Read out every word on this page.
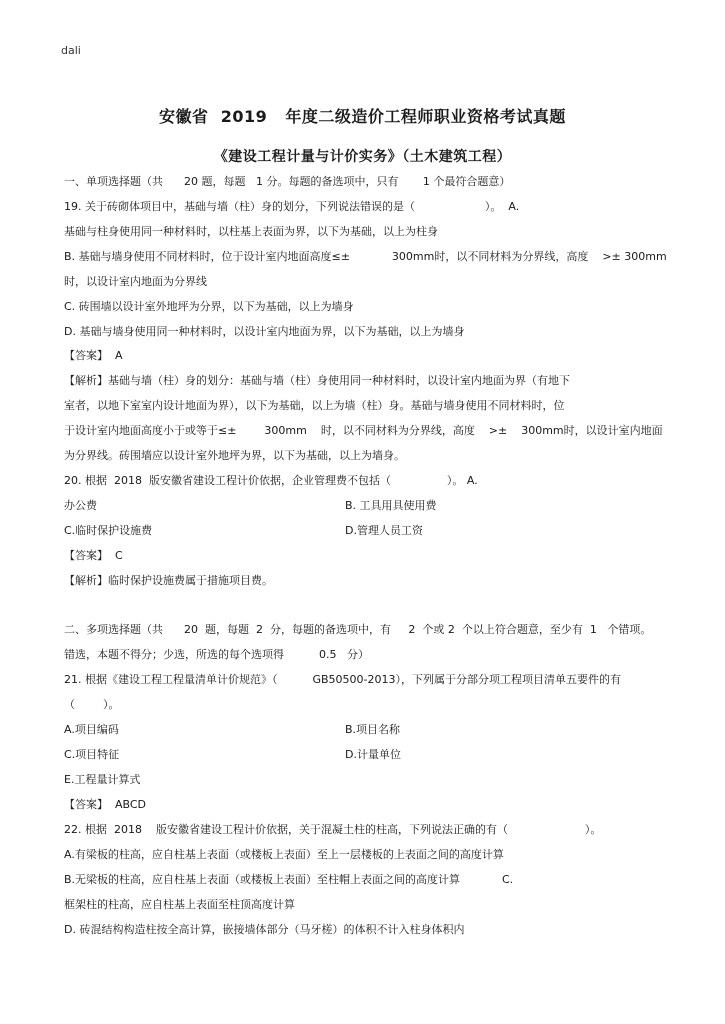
dali
安徽省  2019   年度二级造价工程师职业资格考试真题
《建设工程计量与计价实务》（土木建筑工程）
一、单项选择题（共      20 题，每题   1 分。每题的备选项中，只有       1 个最符合题意）
19. 关于砖砌体项目中，基础与墙（柱）身的划分，下列说法错误的是（                    ）。  A.
基础与柱身使用同一种材料时，以柱基上表面为界，以下为基础，以上为柱身
B. 基础与墙身使用不同材料时，位于设计室内地面高度≤±            300mm时，以不同材料为分界线，高度    >± 300mm
时，以设计室内地面为分界线
C. 砖围墙以设计室外地坪为分界，以下为基础，以上为墙身
D. 基础与墙身使用同一种材料时，以设计室内地面为界，以下为基础，以上为墙身
【答案】  A
【解析】基础与墙（柱）身的划分：基础与墙（柱）身使用同一种材料时，以设计室内地面为界（有地下
室者，以地下室室内设计地面为界），以下为基础，以上为墙（柱）身。基础与墙身使用不同材料时，位
于设计室内地面高度小于或等于≤±        300mm    时，以不同材料为分界线，高度    >±    300mm时，以设计室内地面
为分界线。砖围墙应以设计室外地坪为界，以下为基础，以上为墙身。
20. 根据  2018  版安徽省建设工程计价依据，企业管理费不包括（                ）。 A.
办公费	B. 工具用具使用费
C.临时保护设施费	D.管理人员工资
【答案】  C
【解析】临时保护设施费属于措施项目费。
二、多项选择题（共      20  题，每题  2  分，每题的备选项中，有     2  个或 2  个以上符合题意，至少有  1   个错项。
错选，本题不得分；少选，所选的每个选项得          0.5   分）
21. 根据《建设工程工程量清单计价规范》（          GB50500-2013），下列属于分部分项工程项目清单五要件的有
（        ）。
A.项目编码	B.项目名称
C.项目特征	D.计量单位
E.工程量计算式
【答案】  ABCD
22. 根据  2018    版安徽省建设工程计价依据，关于混凝土柱的柱高，下列说法正确的有（                      ）。
A.有梁板的柱高，应自柱基上表面（或楼板上表面）至上一层楼板的上表面之间的高度计算
B.无梁板的柱高，应自柱基上表面（或楼板上表面）至柱帽上表面之间的高度计算            C.
框架柱的柱高，应自柱基上表面至柱顶高度计算
D. 砖混结构构造柱按全高计算，嵌接墙体部分（马牙槎）的体积不计入柱身体积内
